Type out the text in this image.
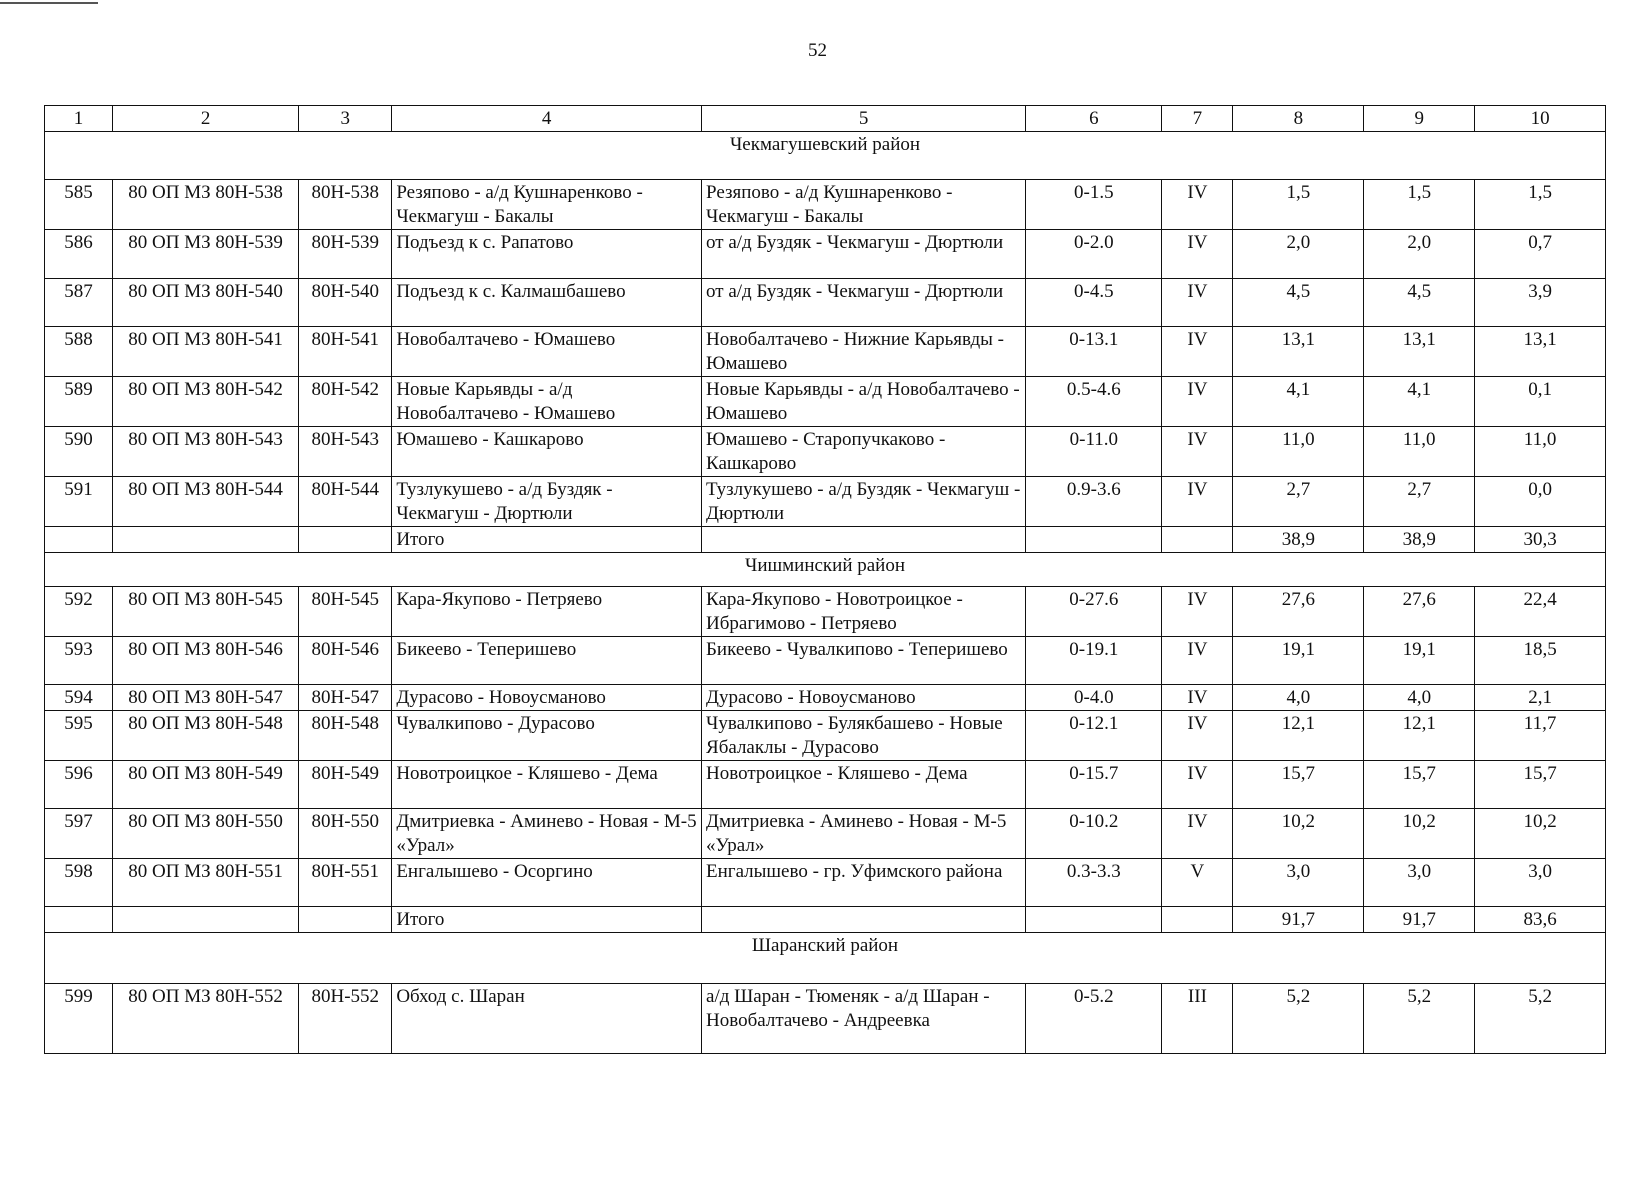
52
1	2	3	4	5	6	7	8	9	10
Чекмагушевский район									
585	80 ОП МЗ 80Н-538	80Н-538	Резяпово - а/д Кушнаренково - Чекмагуш - Бакалы	Резяпово - а/д Кушнаренково - Чекмагуш - Бакалы	0-1.5	IV	1,5	1,5	1,5
586	80 ОП МЗ 80Н-539	80Н-539	Подъезд к с. Рапатово	от а/д Буздяк - Чекмагуш - Дюртюли	0-2.0	IV	2,0	2,0	0,7
587	80 ОП МЗ 80Н-540	80Н-540	Подъезд к с. Калмашбашево	от а/д Буздяк - Чекмагуш - Дюртюли	0-4.5	IV	4,5	4,5	3,9
588	80 ОП МЗ 80Н-541	80Н-541	Новобалтачево - Юмашево	Новобалтачево - Нижние Карьявды - Юмашево	0-13.1	IV	13,1	13,1	13,1
589	80 ОП МЗ 80Н-542	80Н-542	Новые Карьявды - а/д Новобалтачево - Юмашево	Новые Карьявды - а/д Новобалтачево - Юмашево	0.5-4.6	IV	4,1	4,1	0,1
590	80 ОП МЗ 80Н-543	80Н-543	Юмашево - Кашкарово	Юмашево - Старопучкаково - Кашкарово	0-11.0	IV	11,0	11,0	11,0
591	80 ОП МЗ 80Н-544	80Н-544	Тузлукушево - а/д Буздяк - Чекмагуш - Дюртюли	Тузлукушево - а/д Буздяк - Чекмагуш - Дюртюли	0.9-3.6	IV	2,7	2,7	0,0
			Итого				38,9	38,9	30,3
Чишминский район									
592	80 ОП МЗ 80Н-545	80Н-545	Кара-Якупово - Петряево	Кара-Якупово - Новотроицкое - Ибрагимово - Петряево	0-27.6	IV	27,6	27,6	22,4
593	80 ОП МЗ 80Н-546	80Н-546	Бикеево - Теперишево	Бикеево - Чувалкипово - Теперишево	0-19.1	IV	19,1	19,1	18,5
594	80 ОП МЗ 80Н-547	80Н-547	Дурасово - Новоусманово	Дурасово - Новоусманово	0-4.0	IV	4,0	4,0	2,1
595	80 ОП МЗ 80Н-548	80Н-548	Чувалкипово - Дурасово	Чувалкипово - Булякбашево - Новые Ябалаклы - Дурасово	0-12.1	IV	12,1	12,1	11,7
596	80 ОП МЗ 80Н-549	80Н-549	Новотроицкое - Кляшево - Дема	Новотроицкое - Кляшево - Дема	0-15.7	IV	15,7	15,7	15,7
597	80 ОП МЗ 80Н-550	80Н-550	Дмитриевка - Аминево - Новая - М-5 «Урал»	Дмитриевка - Аминево - Новая - М-5 «Урал»	0-10.2	IV	10,2	10,2	10,2
598	80 ОП МЗ 80Н-551	80Н-551	Енгалышево - Осоргино	Енгалышево - гр. Уфимского района	0.3-3.3	V	3,0	3,0	3,0
			Итого				91,7	91,7	83,6
Шаранский район									
599	80 ОП МЗ 80Н-552	80Н-552	Обход с. Шаран	а/д Шаран - Тюменяк - а/д Шаран - Новобалтачево - Андреевка	0-5.2	III	5,2	5,2	5,2
